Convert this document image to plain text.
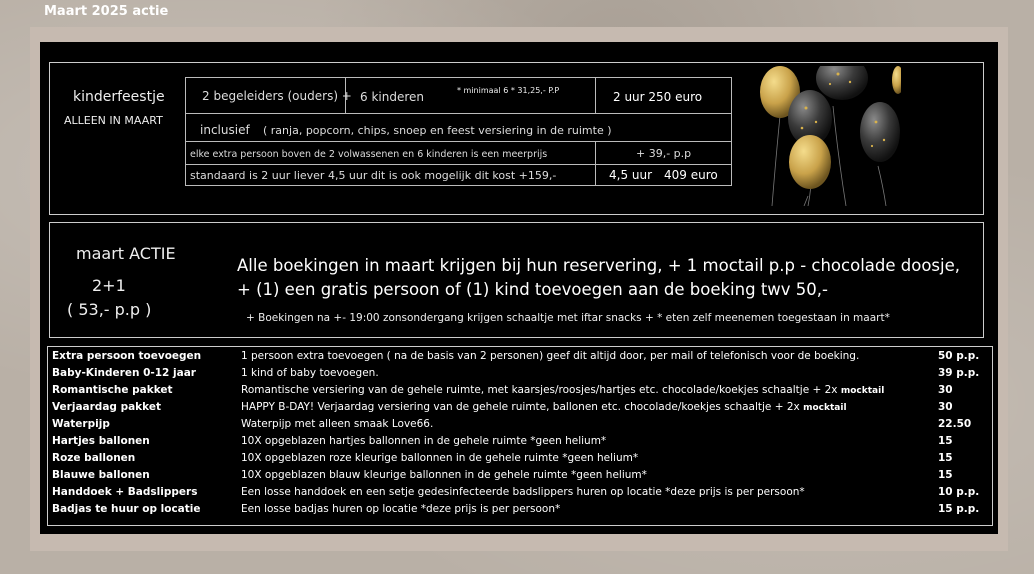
Maart 2025 actie
kinderfeestje
ALLEEN IN MAART
2 begeleiders (ouders) + 6 kinderen	* minimaal 6 * 31,25,- P.P	2 uur 250 euro
inclusief ( ranja, popcorn, chips, snoep en feest versiering in de ruimte )
elke extra persoon boven de 2 volwassenen en 6 kinderen is een meerprijs	+ 39,- p.p
standaard is 2 uur liever 4,5 uur dit is ook mogelijk dit kost +159,-	4,5 uur 409 euro
maart ACTIE
2+1
( 53,- p.p )
Alle boekingen in maart krijgen bij hun reservering, + 1 moctail p.p - chocolade doosje,
+ (1) een gratis persoon of (1) kind toevoegen aan de boeking twv 50,-
+ Boekingen na +- 19:00 zonsondergang krijgen schaaltje met iftar snacks + * eten zelf meenemen toegestaan in maart*
Extra persoon toevoegen	1 persoon extra toevoegen ( na de basis van 2 personen) geef dit altijd door, per mail of telefonisch voor de boeking.	50 p.p.
Baby-Kinderen 0-12 jaar	1 kind of baby toevoegen.	39 p.p.
Romantische pakket	Romantische versiering van de gehele ruimte, met kaarsjes/roosjes/hartjes etc. chocolade/koekjes schaaltje + 2x mocktail	30
Verjaardag pakket	HAPPY B-DAY! Verjaardag versiering van de gehele ruimte, ballonen etc. chocolade/koekjes schaaltje + 2x mocktail	30
Waterpijp	Waterpijp met alleen smaak Love66.	22.50
Hartjes ballonen	10X opgeblazen hartjes ballonnen in de gehele ruimte *geen helium*	15
Roze ballonen	10X opgeblazen roze kleurige ballonnen in de gehele ruimte *geen helium*	15
Blauwe ballonen	10X opgeblazen blauw kleurige ballonnen in de gehele ruimte *geen helium*	15
Handdoek + Badslippers	Een losse handdoek en een setje gedesinfecteerde badslippers huren op locatie *deze prijs is per persoon*	10 p.p.
Badjas te huur op locatie	Een losse badjas huren op locatie *deze prijs is per persoon*	15 p.p.
